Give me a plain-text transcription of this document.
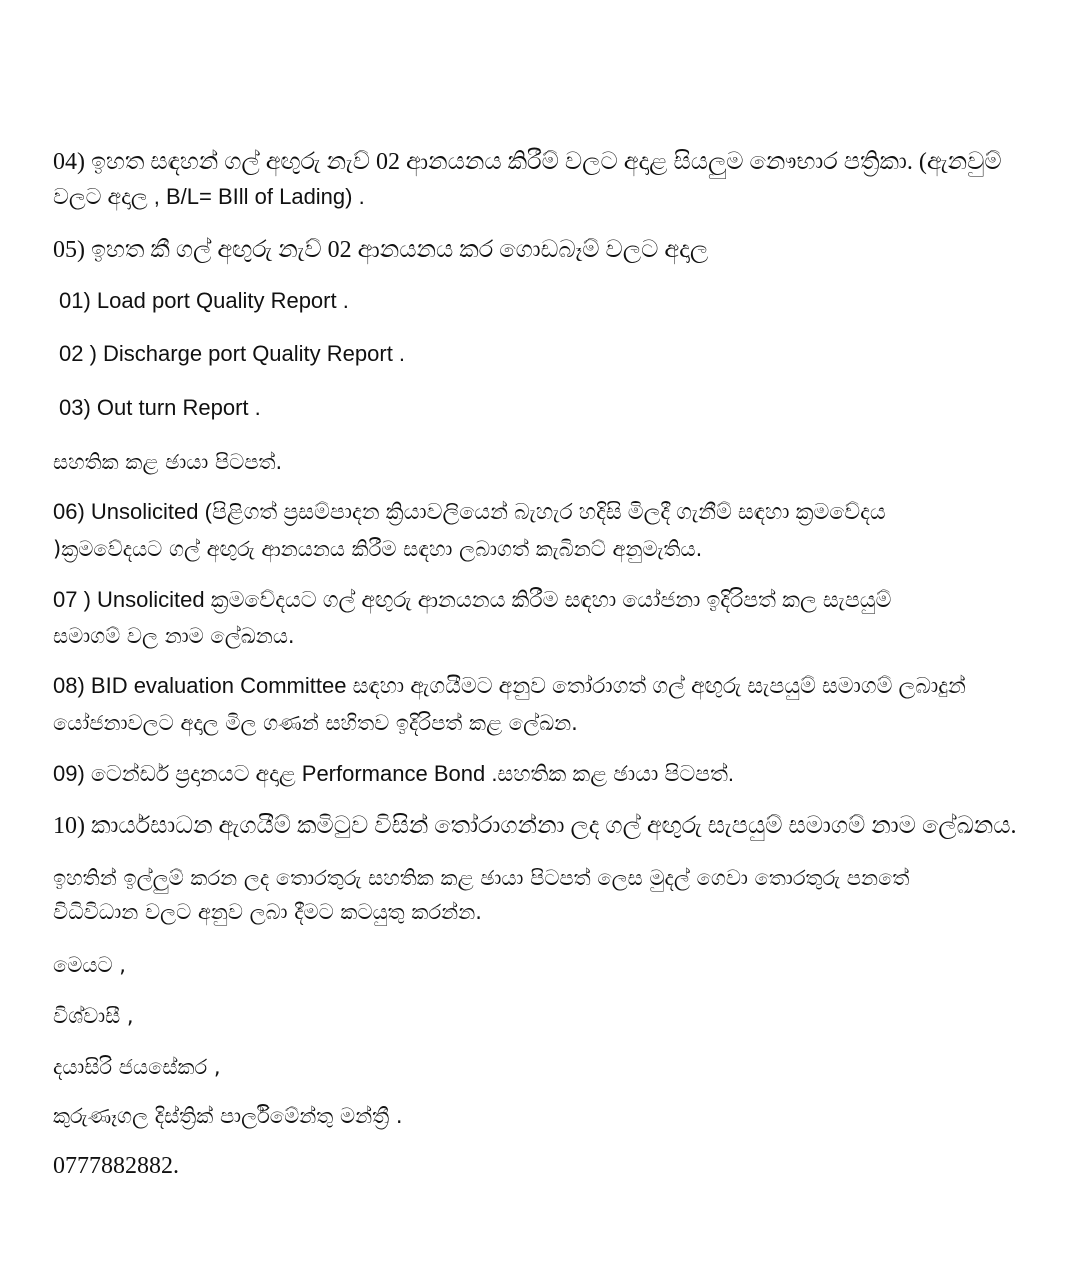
04) ඉහත සඳහන් ගල් අඟුරු නැව් 02 ආනයනය කිරීම් වලට අදාළ සියලුම නෞභාර පත්‍රිකා. (ඇනවුම්
වලට අදාල , B/L= BIll of Lading) .
05) ඉහත කී ගල් අඟුරු නැව් 02 ආනයනය කර ගොඩබෑම් වලට අදාල
01) Load port Quality Report .
02 ) Discharge port Quality Report .
03) Out turn Report .
සහතික කළ ඡායා පිටපත්.
06) Unsolicited (පිළිගත් ප්‍රසම්පාදන ක්‍රියාවලියෙන් බැහැර හදිසි මිලදී ගැනීම් සඳහා ක්‍රමවේදය
)ක්‍රමවේදයට ගල් අඟුරු ආනයනය කිරීම සඳහා ලබාගත් කැබිනට් අනුමැතිය.
07 ) Unsolicited ක්‍රමවේදයට ගල් අඟුරු ආනයනය කිරීම සඳහා යෝජනා ඉදිරිපත් කල සැපයුම්
සමාගම් වල නාම ලේඛනය.
08) BID evaluation Committee සඳහා ඇගයීමට අනුව තෝරාගත් ගල් අඟුරු සැපයුම් සමාගම් ලබාදුන්
යෝජනාවලට අදාල මිල ගණන් සහිතව ඉදිරිපත් කළ ලේඛන.
09) ටෙන්ඩර් ප්‍රදානයට අදාළ Performance Bond .සහතික කළ ඡායා පිටපත්.
10) කාර්යසාධන ඇගයීම් කමිටුව විසින් තෝරාගන්නා ලද ගල් අඟුරු සැපයුම් සමාගම් නාම ලේඛනය.
ඉහතින් ඉල්ලුම් කරන ලද තොරතුරු සහතික කළ ඡායා පිටපත් ලෙස මුදල් ගෙවා තොරතුරු පනතේ
විධිවිධාන වලට අනුව ලබා දීමට කටයුතු කරන්න.
මෙයට ,
විශ්වාසී ,
දයාසිරි ජයසේකර ,
කුරුණෑගල දිස්ත්‍රික් පාර්ලිමේන්තු මන්ත්‍රී .
0777882882.
